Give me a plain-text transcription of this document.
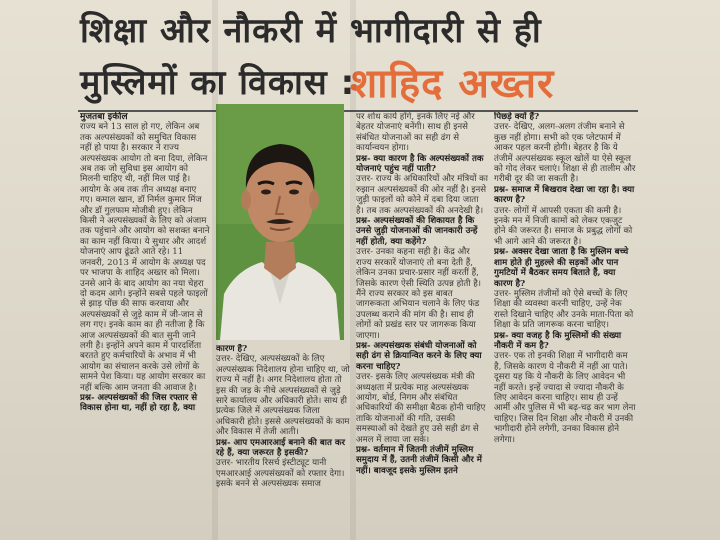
शिक्षा और नौकरी में भागीदारी से ही
मुस्लिमों का विकास :
शाहिद अख्तर

मुजतबा इकील

राज्य बने 13 साल हो गए, लेकिन अब तक अल्पसंख्यकों को समुचित विकास नहीं हो पाया है। सरकार ने राज्य अल्पसंख्यक आयोग तो बना दिया, लेकिन अब तक जो सुविधा इस आयोग को मिलनी चाहिए थी, नहीं मिल पाई है। आयोग के अब तक तीन अध्यक्ष बनाए गए। कमाल खान, डॉ निर्मल कुमार मिंज और डॉ गुलफाम मोजीबी हुए। लेकिन किसी ने अल्पसंख्यकों के लिए को अंजाम तक पहुंचाने और आयोग को सशक्त बनाने का काम नहीं किया। ये सुधार और आदर्श योजनाएं आप ढूंढते आते रहे। 11 जनवरी, 2013 में आयोग के अध्यक्ष पद पर भाजपा के शाहिद अख्तर को मिला। उनसे आने के बाद आयोग का नया चेहरा दो कदम आगे। इन्होंने सबसे पहले फाइलों से झाड़ पोंछ की साफ करवाया और अल्पसंख्यकों से जुड़े काम में जी-जान से लग गए। इनके काम का ही नतीजा है कि आज अल्पसंख्यकों की बात सुनी जाने लगी है। इन्होंने अपने काम में पारदर्शिता बरतते हुए कर्मचारियों के अभाव में भी आयोग का संचालन करके उसे लोगों के सामने पेश किया। यह आयोग सरकार का नहीं बल्कि आम जनता की आवाज है।

प्रश्न- अल्पसंख्यकों की जिस रफ्तार से विकास होना था, नहीं हो रहा है, क्या

कारण है?

उत्तर- देखिए, अल्पसंख्यकों के लिए अल्पसंख्यक निदेशालय होना चाहिए था, जो राज्य में नहीं है। अगर निदेशालय होता तो इस की जड़ के नीचे अल्पसंख्यकों से जुड़े सारे कार्यालय और अधिकारी होते। साथ ही प्रत्येक जिले में अल्पसंख्यक जिला अधिकारी होते। इससे अल्पसंख्यकों के काम और विकास में तेजी आती।

प्रश्न- आप एमआरआई बनाने की बात कर रहे हैं, क्या जरूरत है इसकी?

उत्तर- भारतीय रिसर्च इंस्टीट्यूट यानी एमआरआई अल्पसंख्यकों को रफ्तार देगा। इसके बनने से अल्पसंख्यक समाज

पर शोध कार्य होंगे, इनके लिए नई और बेहतर योजनाएं बनेंगी। साथ ही इनसे संबंधित योजनाओं का सही ढंग से कार्यान्वयन होगा।

प्रश्न- क्या कारण है कि अल्पसंख्यकों तक योजनाएं पहुंच नहीं पाती?

उत्तर- राज्य के अधिकारियों और मंत्रियों का रुझान अल्पसंख्यकों की ओर नहीं है। इनसे जुड़ी फाइलों को कोने में दबा दिया जाता है। तब तक अल्पसंख्यकों की अनदेखी है।

प्रश्न- अल्पसंख्यकों की शिकायत है कि उनसे जुड़ी योजनाओं की जानकारी उन्हें नहीं होती, क्या कहेंगे?

उत्तर- उनका कहना सही है। केंद्र और राज्य सरकारें योजनाएं तो बना देती हैं, लेकिन उनका प्रचार-प्रसार नहीं करतीं हैं, जिसके कारण ऐसी स्थिति उत्पन्न होती है। मैंने राज्य सरकार को इस बाबत जागरूकता अभियान चलाने के लिए फंड उपलब्ध कराने की मांग की है। साथ ही लोगों को प्रखंड स्तर पर जागरूक किया जाएगा।

प्रश्न- अल्पसंख्यक संबंधी योजनाओं को सही ढंग से क्रियान्वित करने के लिए क्या करना चाहिए?

उत्तर- इसके लिए अल्पसंख्यक मंत्री की अध्यक्षता में प्रत्येक माह अल्पसंख्यक आयोग, बोर्ड, निगम और संबंधित अधिकारियों की समीक्षा बैठक होनी चाहिए ताकि योजनाओं की गति, उसकी समस्याओं को देखते हुए उसे सही ढंग से अमल में लाया जा सके।

प्रश्न- वर्तमान में जितनी तंजीमें मुस्लिम समुदाय में हैं, उतनी तंजीमें किसी और में नहीं। बावजूद इसके मुस्लिम इतने

पिछड़े क्यों हैं?

उत्तर- देखिए, अलग-अलग तंजीम बनाने से कुछ नहीं होगा। सभी को एक प्लेटफार्म में आकर पहल करनी होगी। बेहतर है कि ये तंजीमें अल्पसंख्यक स्कूल खोलें या ऐसे स्कूल को गोद लेकर चलाएं। शिक्षा से ही तालीम और गरीबी दूर की जा सकती है।

प्रश्न- समाज में बिखराव देखा जा रहा है। क्या कारण है?

उत्तर- लोगों में आपसी एकता की कमी है। इनके मन में निजी कामों को लेकर एकजुट होने की जरूरत है। समाज के प्रबुद्ध लोगों को भी आगे आने की जरूरत है।

प्रश्न- अक्सर देखा जाता है कि मुस्लिम बच्चे शाम होते ही मुहल्ले की सड़कों और पान गुमटियों में बैठकर समय बिताते हैं, क्या कारण है?

उत्तर- मुस्लिम तंजीमों को ऐसे बच्चों के लिए शिक्षा की व्यवस्था करनी चाहिए, उन्हें नेक रास्ते दिखाने चाहिए और उनके माता-पिता को शिक्षा के प्रति जागरूक करना चाहिए।

प्रश्न- क्या वजह है कि मुस्लिमों की संख्या नौकरी में कम है?

उत्तर- एक तो इनकी शिक्षा में भागीदारी कम है, जिसके कारण ये नौकरी में नहीं आ पाते। दूसरा यह कि ये नौकरी के लिए आवेदन भी नहीं करते। इन्हें ज्यादा से ज्यादा नौकरी के लिए आवेदन करना चाहिए। साथ ही उन्हें आर्मी और पुलिस में भी बढ़-चढ़ कर भाग लेना चाहिए। जिस दिन शिक्षा और नौकरी में उनकी भागीदारी होने लगेगी, उनका विकास होने लगेगा।
